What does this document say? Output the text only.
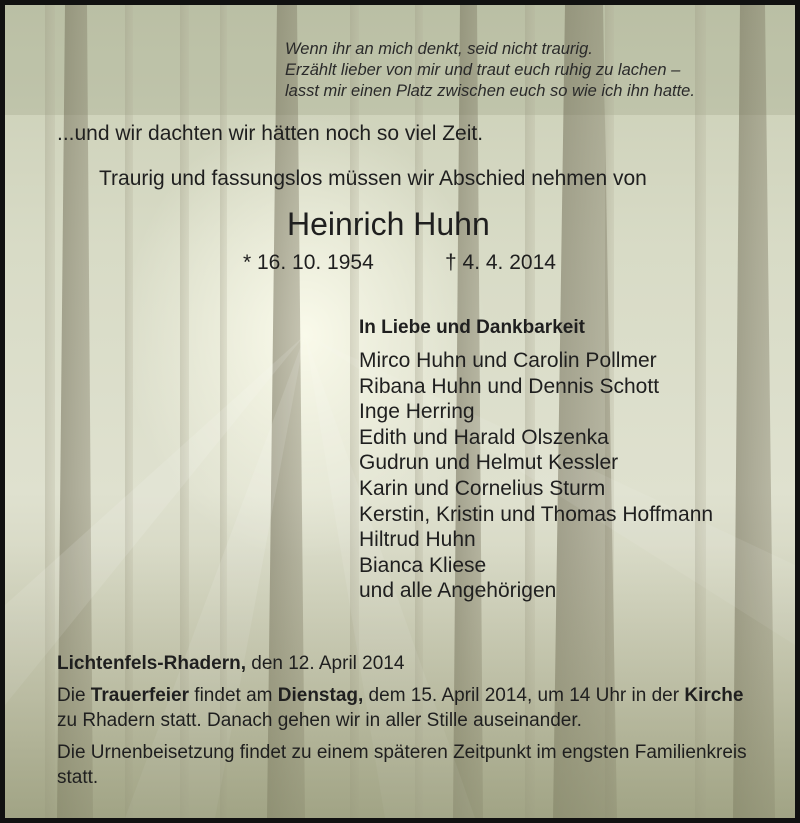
Wenn ihr an mich denkt, seid nicht traurig.
Erzählt lieber von mir und traut euch ruhig zu lachen –
lasst mir einen Platz zwischen euch so wie ich ihn hatte.

...und wir dachten wir hätten noch so viel Zeit.

Traurig und fassungslos müssen wir Abschied nehmen von

Heinrich Huhn
* 16. 10. 1954	† 4. 4. 2014

In Liebe und Dankbarkeit

Mirco Huhn und Carolin Pollmer
Ribana Huhn und Dennis Schott
Inge Herring
Edith und Harald Olszenka
Gudrun und Helmut Kessler
Karin und Cornelius Sturm
Kerstin, Kristin und Thomas Hoffmann
Hiltrud Huhn
Bianca Kliese
und alle Angehörigen

Lichtenfels-Rhadern, den 12. April 2014

Die Trauerfeier findet am Dienstag, dem 15. April 2014, um 14 Uhr in der Kirche zu Rhadern statt. Danach gehen wir in aller Stille auseinander.

Die Urnenbeisetzung findet zu einem späteren Zeitpunkt im engsten Familienkreis statt.
